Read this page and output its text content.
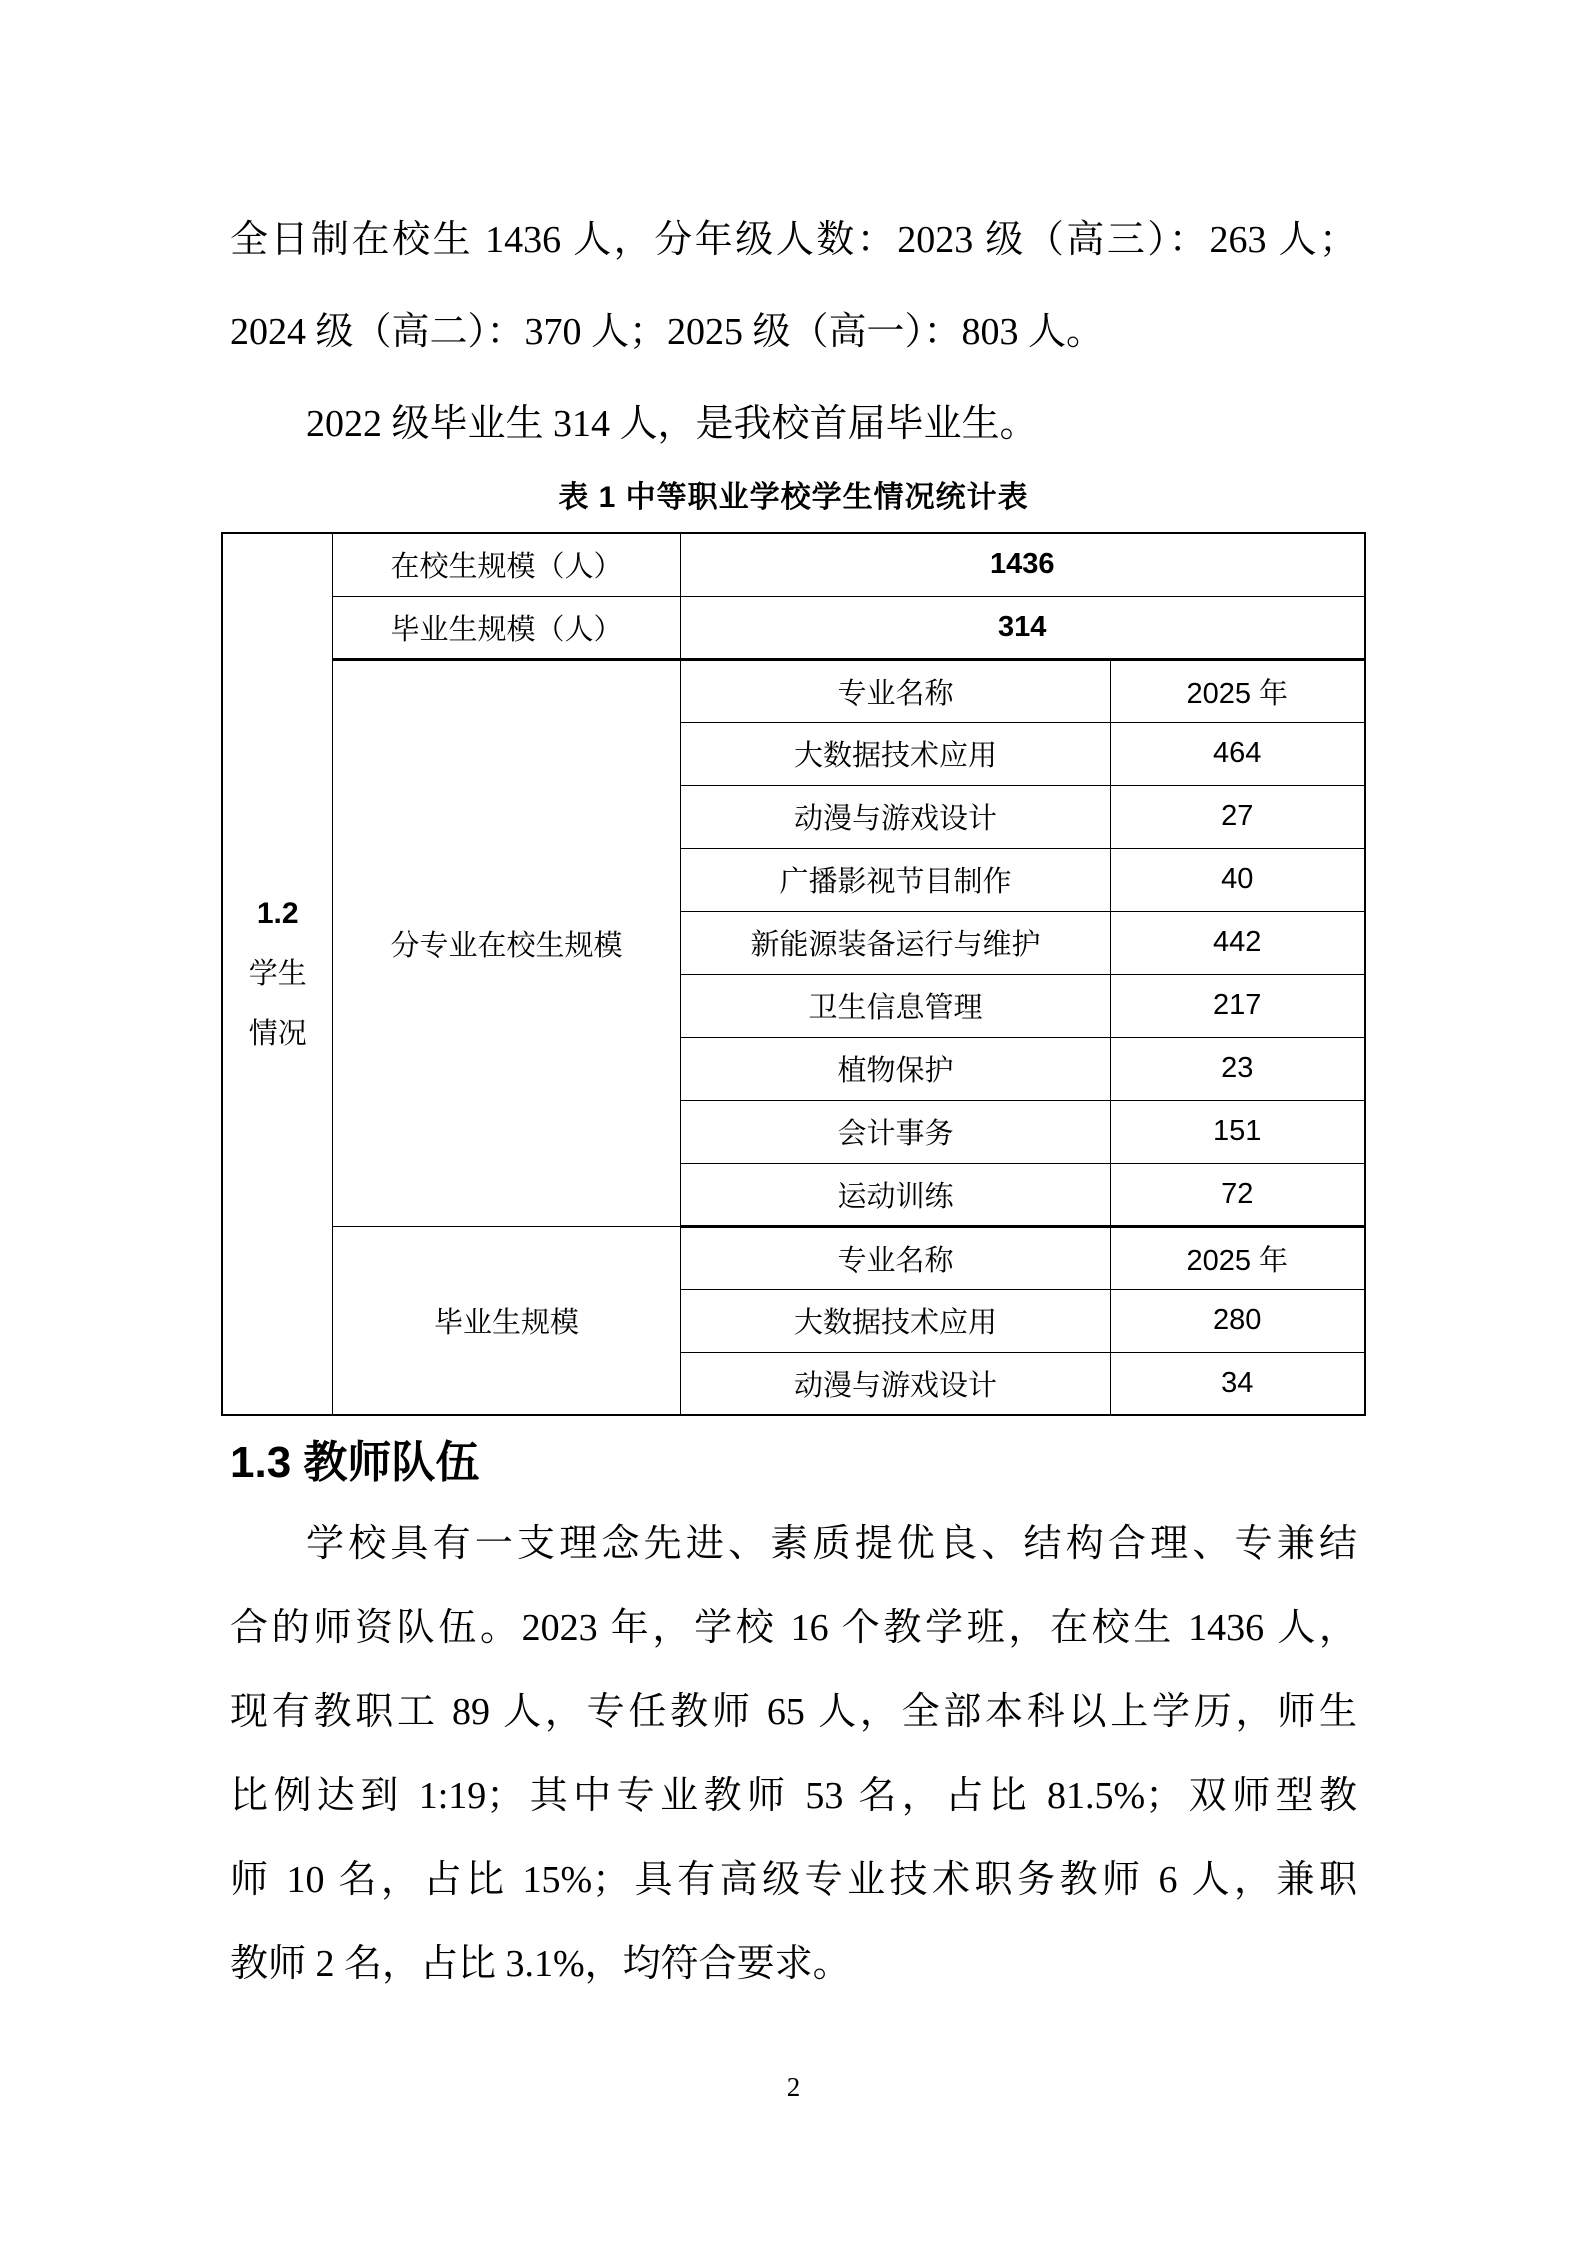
全日制在校生 1436 人，分年级人数：2023 级（高三）：263 人；
2024 级（高二）：370 人；2025 级（高一）：803 人。
2022 级毕业生 314 人，是我校首届毕业生。
表 1 中等职业学校学生情况统计表
1.2
学生
情况	在校生规模（人）	1436	
	毕业生规模（人）	314	
	分专业在校生规模	专业名称	2025 年
		大数据技术应用	464
		动漫与游戏设计	27
		广播影视节目制作	40
		新能源装备运行与维护	442
		卫生信息管理	217
		植物保护	23
		会计事务	151
		运动训练	72
	毕业生规模	专业名称	2025 年
		大数据技术应用	280
		动漫与游戏设计	34
1.3 教师队伍
学校具有一支理念先进、素质提优良、结构合理、专兼结
合的师资队伍。2023 年，学校 16 个教学班，在校生 1436 人，
现有教职工 89 人，专任教师 65 人，全部本科以上学历，师生
比例达到 1:19；其中专业教师 53 名，占比 81.5%；双师型教
师 10 名，占比 15%；具有高级专业技术职务教师 6 人，兼职
教师 2 名，占比 3.1%，均符合要求。
2
